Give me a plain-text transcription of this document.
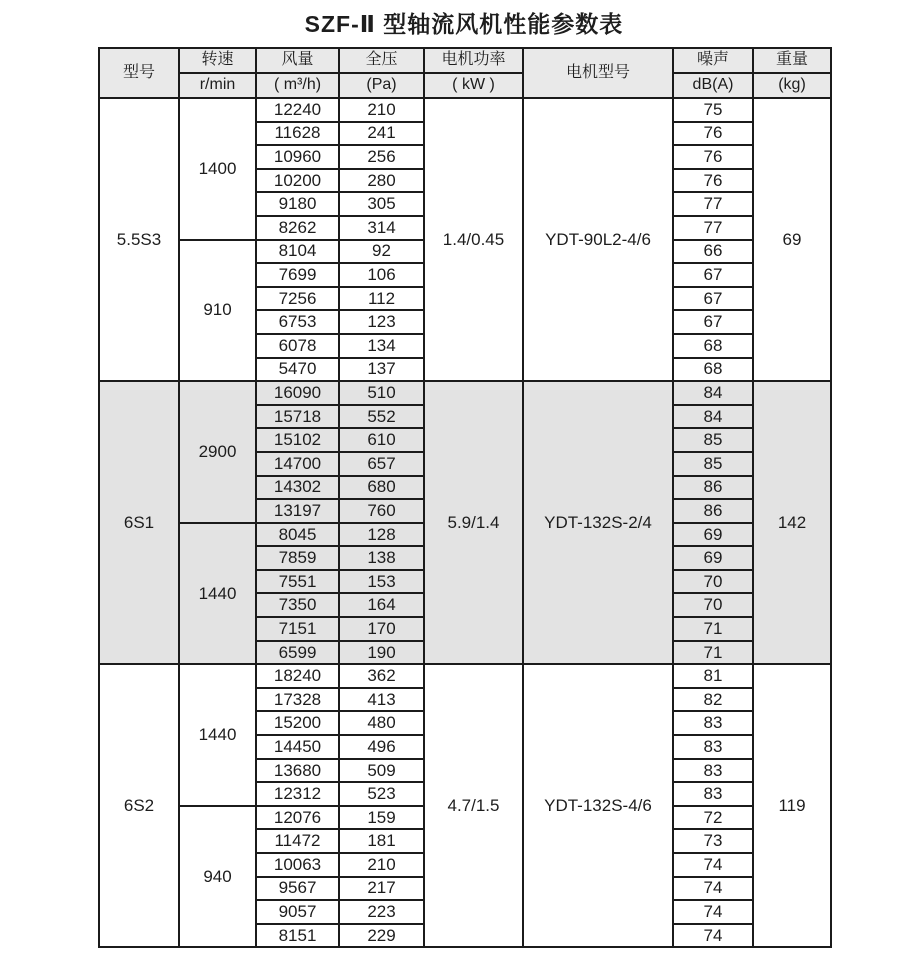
SZF-Ⅱ 型轴流风机性能参数表
型号	转速	风量	全压	电机功率	电机型号	噪声	重量
	r/min	( m³/h)	(Pa)	( kW )		dB(A)	(kg)
5.5S3	1400	12240	210	1.4/0.45	YDT-90L2-4/6	75	69
		11628	241			76	
		10960	256			76	
		10200	280			76	
		9180	305			77	
		8262	314			77	
	910	8104	92			66	
		7699	106			67	
		7256	112			67	
		6753	123			67	
		6078	134			68	
		5470	137			68	
6S1	2900	16090	510	5.9/1.4	YDT-132S-2/4	84	142
		15718	552			84	
		15102	610			85	
		14700	657			85	
		14302	680			86	
		13197	760			86	
	1440	8045	128			69	
		7859	138			69	
		7551	153			70	
		7350	164			70	
		7151	170			71	
		6599	190			71	
6S2	1440	18240	362	4.7/1.5	YDT-132S-4/6	81	119
		17328	413			82	
		15200	480			83	
		14450	496			83	
		13680	509			83	
		12312	523			83	
	940	12076	159			72	
		11472	181			73	
		10063	210			74	
		9567	217			74	
		9057	223			74	
		8151	229			74	
